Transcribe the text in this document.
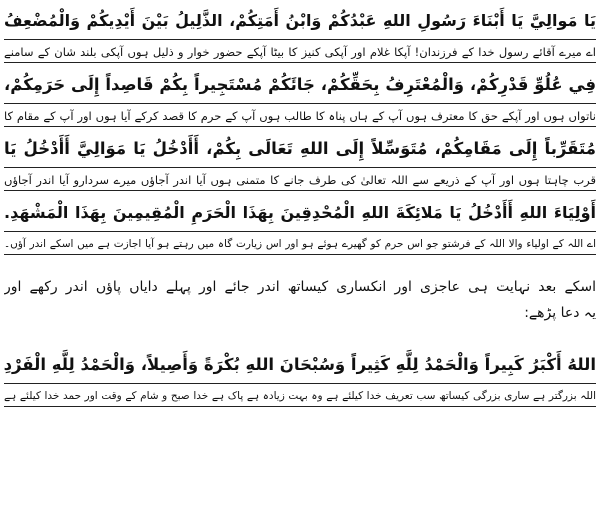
يَا مَوالِيَّ يَا أَبْنَاءَ رَسُولِ اللهِ عَبْدُكُمْ وَابْنُ أَمَتِكُمْ، الذَّلِيلُ بَيْنَ أَيْدِيكُمْ وَالْمُضْعِفُ
اے میرے آقائے رسول خدا کے فرزندان! آپکا غلام اور آپکی کنیز کا بیٹا آپکے حضور خوار و ذلیل ہوں آپکی بلند شان کے سامنے
فِي عُلُوِّ قَدْرِكُمْ، وَالْمُعْتَرِفُ بِحَقِّكُمْ، جَائَكُمْ مُسْتَجِيراً بِكُمْ قَاصِداً إِلَى حَرَمِكُمْ،
ناتواں ہوں اور آپکے حق کا معترف ہوں آپ کے ہاں پناہ کا طالب ہوں آپ کے حرم کا قصد کرکے آیا ہوں اور آپ کے مقام کا
مُتَقَرِّباً إِلَى مَقَامِكُمْ، مُتَوَسِّلاً إِلَى اللهِ تَعَالَى بِكُمْ، أَأَدْخُلُ يَا مَوَالِيَّ أَأَدْخُلُ يَا
قرب چاہتا ہوں اور آپ کے ذریعے سے اللہ تعالیٰ کی طرف جانے کا متمنی ہوں آیا اندر آجاؤں میرے سردارو آیا اندر آجاؤں
أَوْلِيَاءَ اللهِ أَأَدْخُلُ يَا مَلائِكَةَ اللهِ الْمُحْدِقِينَ بِهَذَا الْحَرَمِ الْمُقِيمِينَ بِهَذَا الْمَشْهَدِ.
اے اللہ کے اولیاء والا اللہ کے فرشتو جو اس حرم کو گھیرے ہوئے ہو اور اس زیارت گاہ میں رہتے ہو آیا اجازت ہے میں اسکے اندر آؤں۔
اسکے بعد نہایت ہی عاجزی اور انکساری کیساتھ اندر جائے اور پہلے دایاں پاؤں اندر رکھے اور
یہ دعا پڑھے:
اللهُ أَكْبَرُ كَبِيراً وَالْحَمْدُ لِلَّهِ كَثِيراً وَسُبْحَانَ اللهِ بُكْرَةً وَأَصِيلاً، وَالْحَمْدُ لِلَّهِ الْفَرْدِ
اللہ بزرگتر ہے ساری بزرگی کیساتھ سب تعریف خدا کیلئے ہے وہ بہت زیادہ ہے پاک ہے خدا صبح و شام کے وقت اور حمد خدا کیلئے ہے
